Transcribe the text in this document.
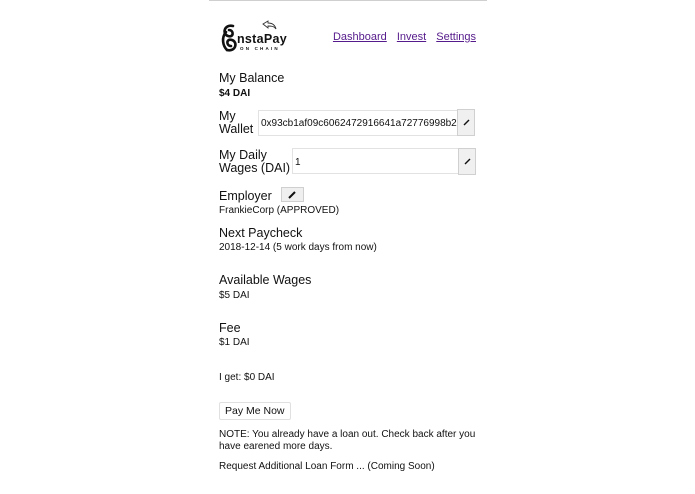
nstaPay
ON CHAIN
Dashboard Invest Settings
My Balance
$4 DAI
My
Wallet 0x93cb1af09c6062472916641a72776998b2
My Daily
Wages (DAI) 1
Employer
FrankieCorp (APPROVED)
Next Paycheck
2018-12-14 (5 work days from now)
Available Wages
$5 DAI
Fee
$1 DAI
I get: $0 DAI
Pay Me Now
NOTE: You already have a loan out. Check back after you have earened more days.
Request Additional Loan Form ... (Coming Soon)
